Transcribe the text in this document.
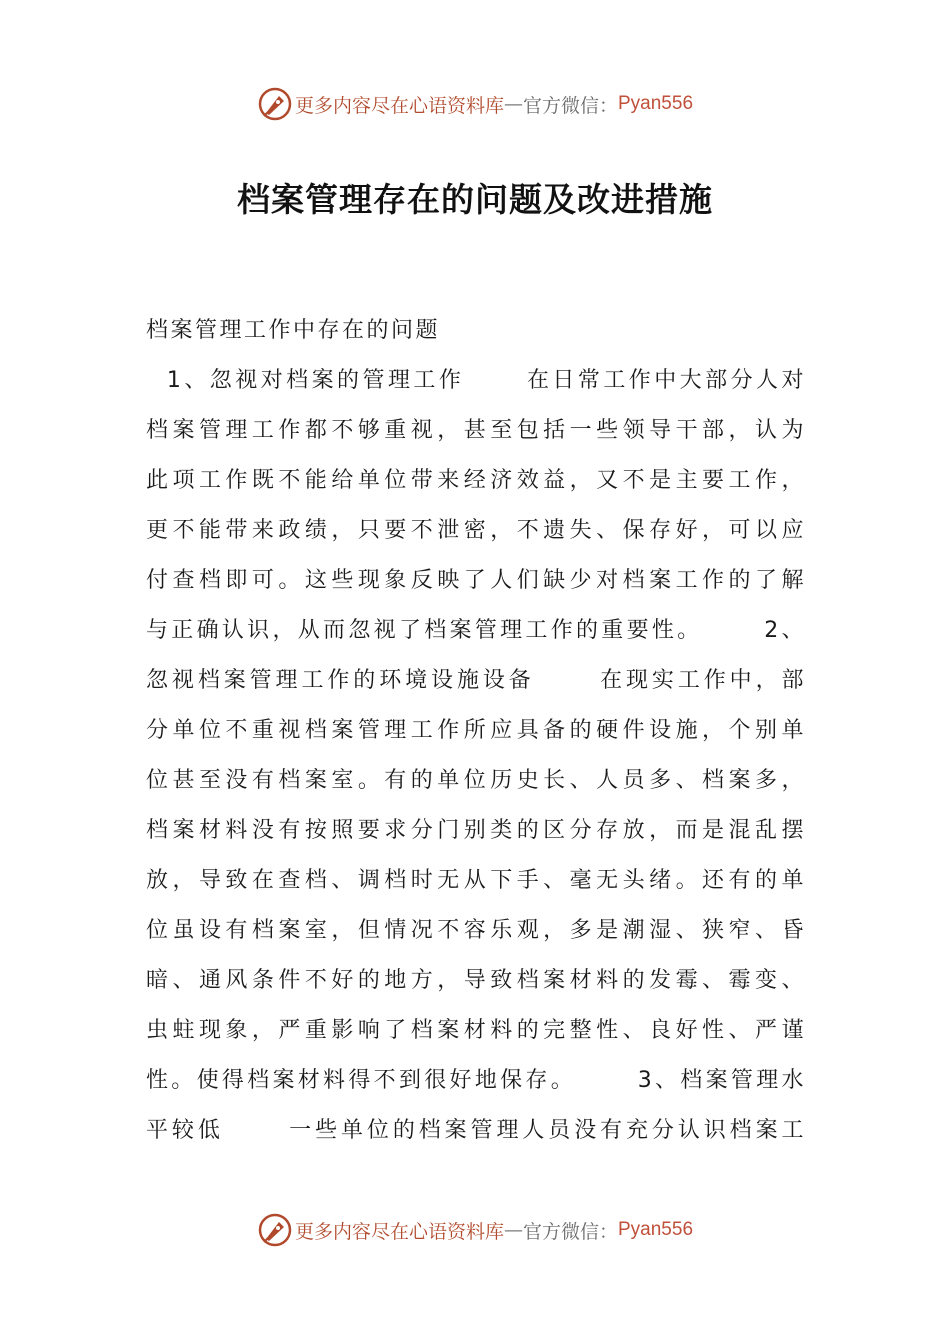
更多内容尽在心语资料库 — 官方微信： Pyan556
档案管理存在的问题及改进措施
档案管理工作中存在的问题
1、忽视对档案的管理工作      在日常工作中大部分人对
档案管理工作都不够重视，甚至包括一些领导干部，认为
此项工作既不能给单位带来经济效益，又不是主要工作，
更不能带来政绩，只要不泄密，不遗失、保存好，可以应
付查档即可。这些现象反映了人们缺少对档案工作的了解
与正确认识，从而忽视了档案管理工作的重要性。      2、
忽视档案管理工作的环境设施设备      在现实工作中，部
分单位不重视档案管理工作所应具备的硬件设施，个别单
位甚至没有档案室。有的单位历史长、人员多、档案多，
档案材料没有按照要求分门别类的区分存放，而是混乱摆
放，导致在查档、调档时无从下手、毫无头绪。还有的单
位虽设有档案室，但情况不容乐观，多是潮湿、狭窄、昏
暗、通风条件不好的地方，导致档案材料的发霉、霉变、
虫蛀现象，严重影响了档案材料的完整性、良好性、严谨
性。使得档案材料得不到很好地保存。      3、档案管理水
平较低      一些单位的档案管理人员没有充分认识档案工
更多内容尽在心语资料库 — 官方微信： Pyan556
